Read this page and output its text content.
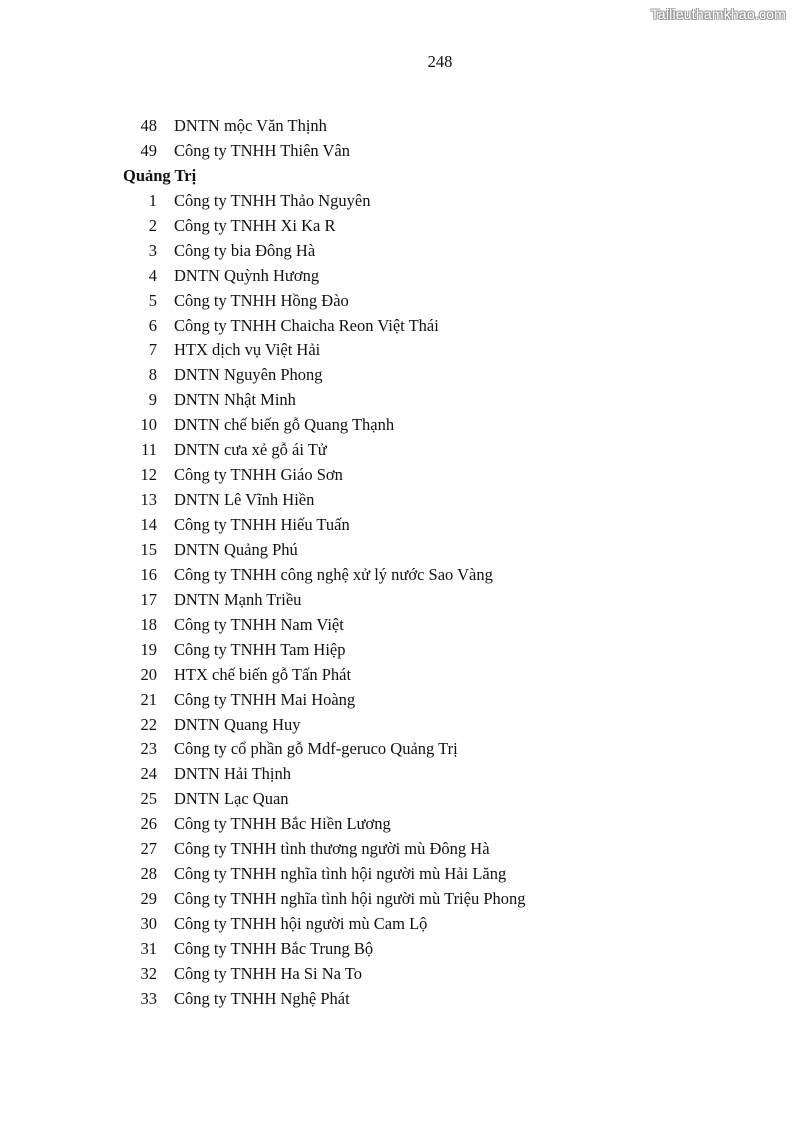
Tailieuthamkhao.com
248
48 DNTN mộc Văn Thịnh
49 Công ty TNHH Thiên Vân
Quảng Trị
1 Công ty TNHH Thảo Nguyên
2 Công ty TNHH Xi Ka R
3 Công ty bia Đông Hà
4 DNTN Quỳnh Hương
5 Công ty TNHH Hồng Đào
6 Công ty TNHH Chaicha Reon Việt Thái
7 HTX dịch vụ Việt Hải
8 DNTN Nguyên Phong
9 DNTN Nhật Minh
10 DNTN chế biến gỗ Quang Thạnh
11 DNTN cưa xẻ gỗ ái Tử
12 Công ty TNHH Giáo Sơn
13 DNTN Lê Vĩnh Hiền
14 Công ty TNHH Hiếu Tuấn
15 DNTN Quảng Phú
16 Công ty TNHH công nghệ xử lý nước Sao Vàng
17 DNTN Mạnh Triều
18 Công ty TNHH Nam Việt
19 Công ty TNHH Tam Hiệp
20 HTX chế biến gỗ Tấn Phát
21 Công ty TNHH Mai Hoàng
22 DNTN Quang Huy
23 Công ty cổ phần gỗ Mdf-geruco Quảng Trị
24 DNTN Hải Thịnh
25 DNTN Lạc Quan
26 Công ty TNHH Bắc Hiền Lương
27 Công ty TNHH tình thương người mù Đông Hà
28 Công ty TNHH nghĩa tình hội người mù Hải Lăng
29 Công ty TNHH nghĩa tình hội người mù Triệu Phong
30 Công ty TNHH hội người mù Cam Lộ
31 Công ty TNHH Bắc Trung Bộ
32 Công ty TNHH Ha Si Na To
33 Công ty TNHH Nghệ Phát
